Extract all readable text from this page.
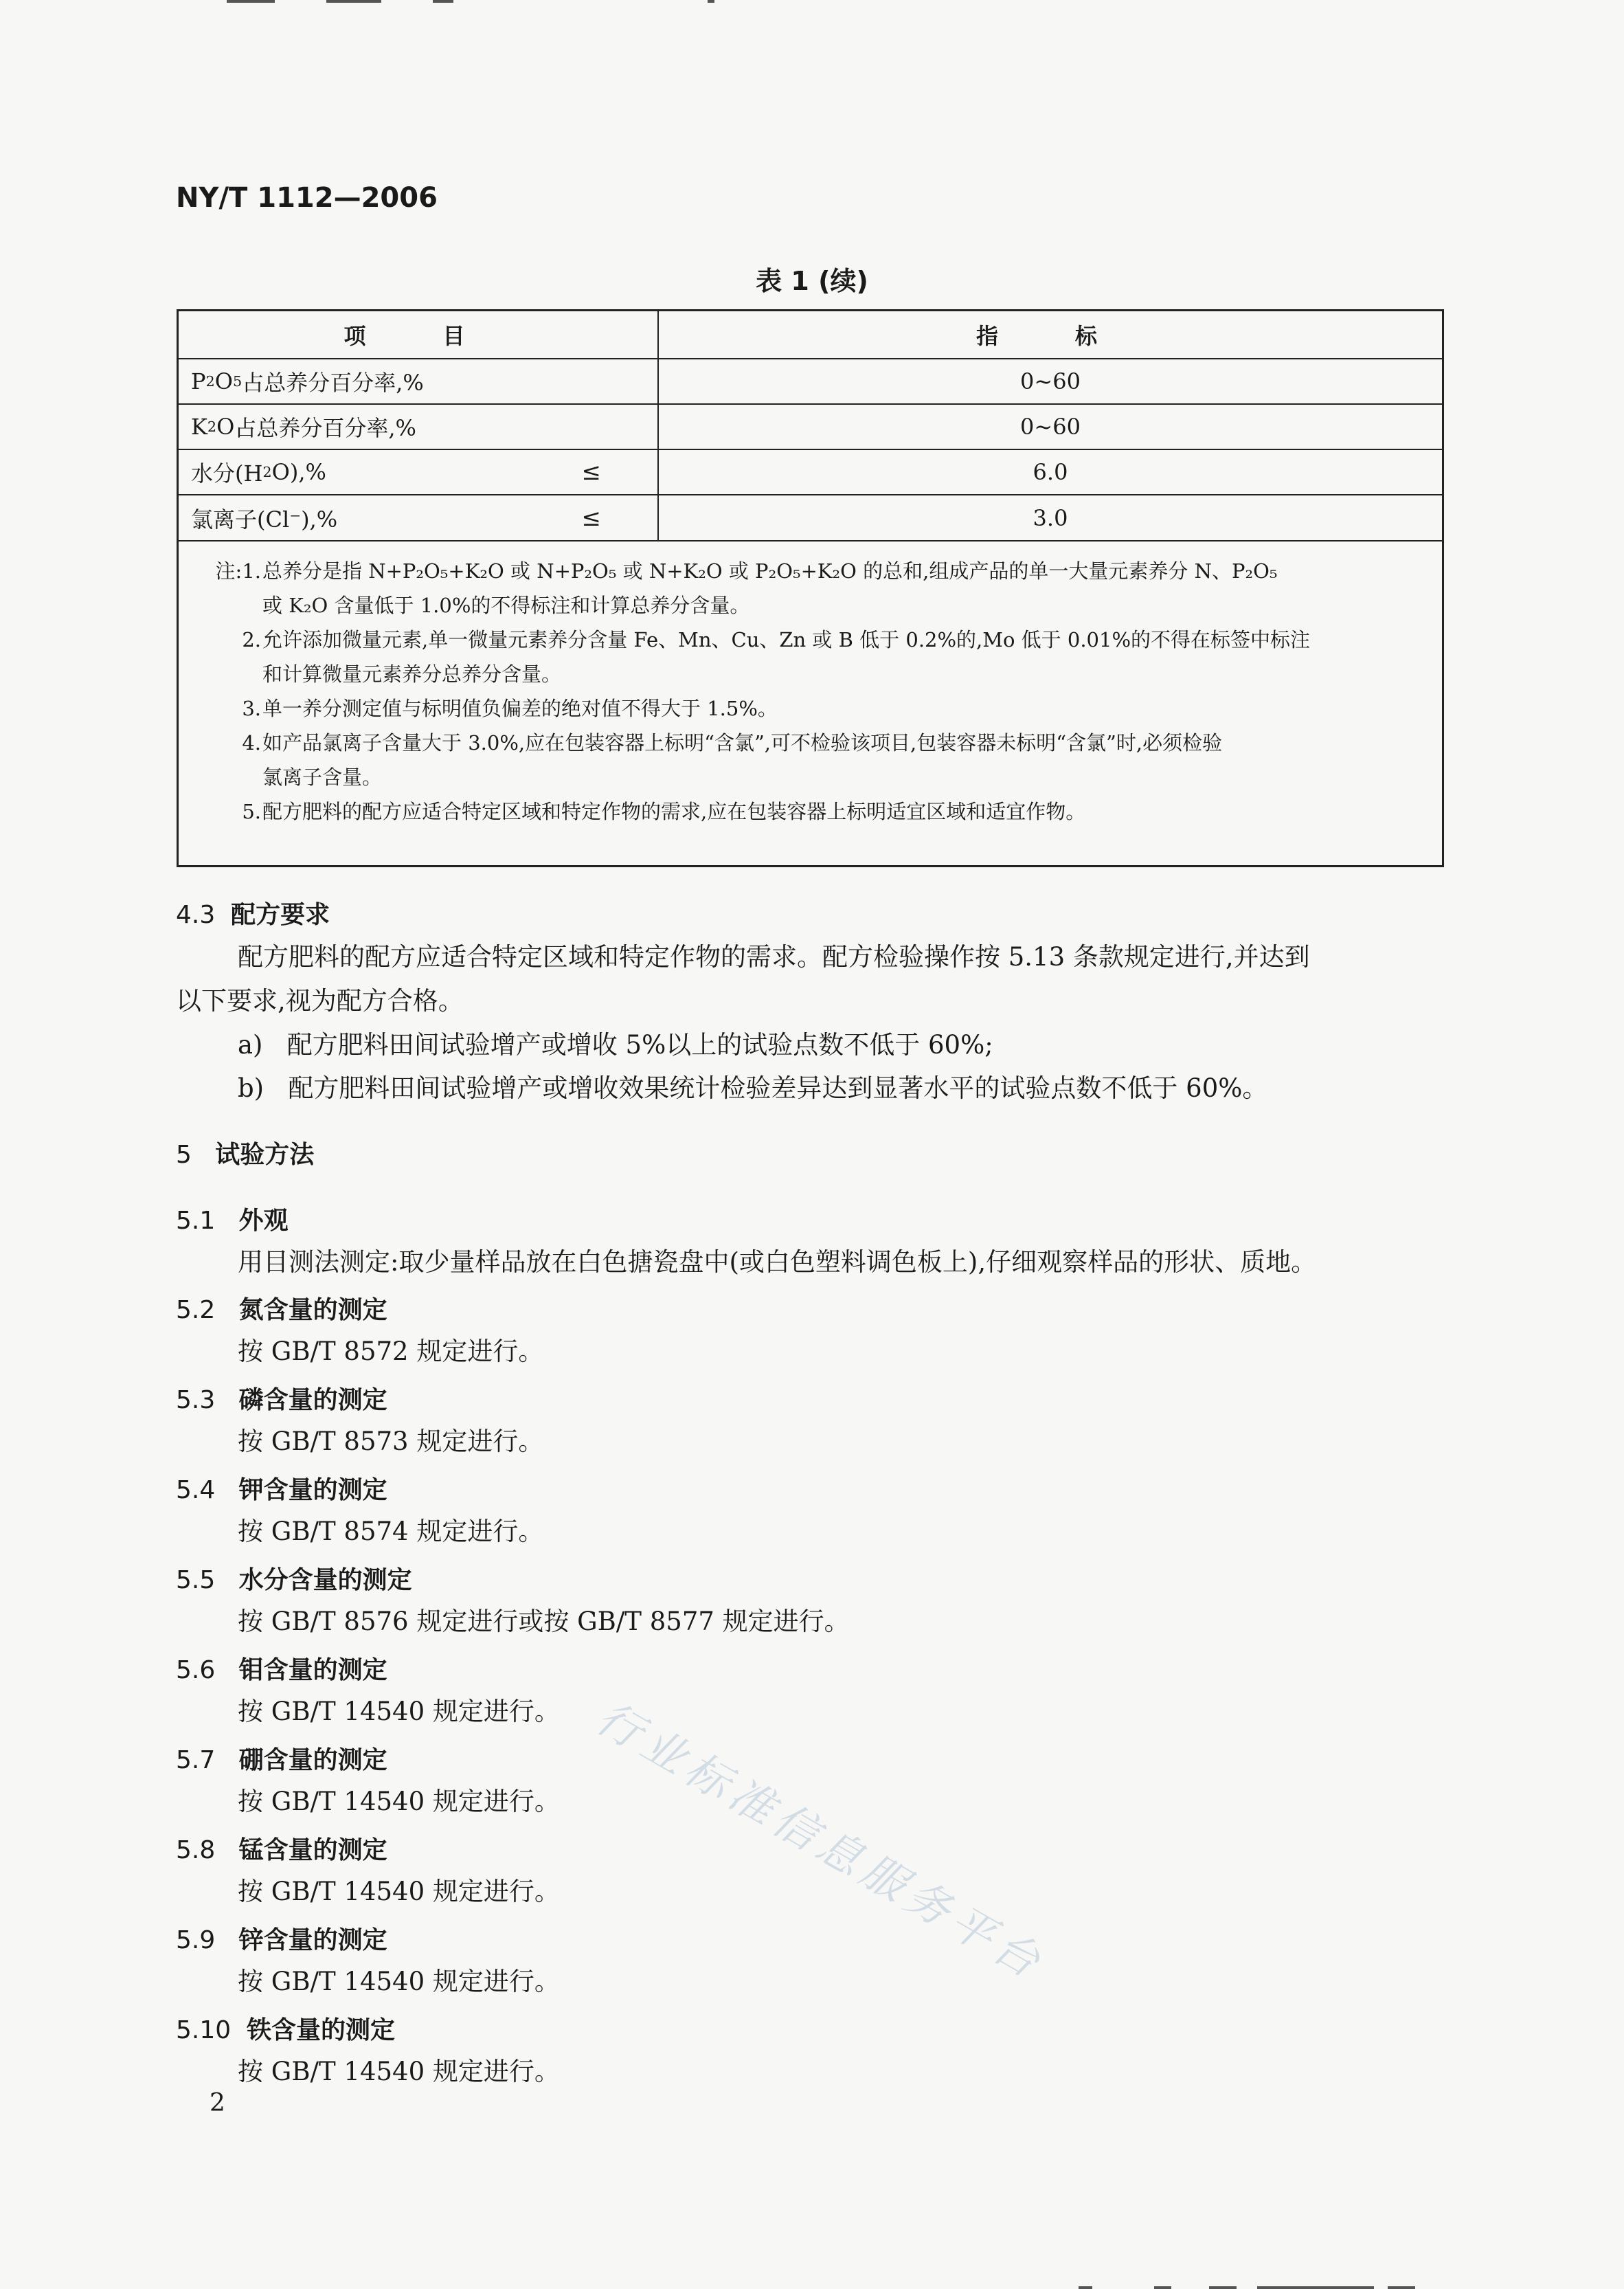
NY/T 1112—2006
表 1 (续)
项　目	指　标
P 2 O 5 占总养分百分率,%	0~60
K 2 O 占总养分百分率,%	0~60
水分(H 2 O),%	≤	6.0
氯离子(Cl⁻),%	≤	3.0
注:1. 总养分是指 N+P₂O₅+K₂O 或 N+P₂O₅ 或 N+K₂O 或 P₂O₅+K₂O 的总和,组成产品的单一大量元素养分 N、P₂O₅
或 K₂O 含量低于 1.0%的不得标注和计算总养分含量。
2. 允许添加微量元素,单一微量元素养分含量 Fe、Mn、Cu、Zn 或 B 低于 0.2%的,Mo 低于 0.01%的不得在标签中标注
和计算微量元素养分总养分含量。
3. 单一养分测定值与标明值负偏差的绝对值不得大于 1.5%。
4. 如产品氯离子含量大于 3.0%,应在包装容器上标明“含氯”,可不检验该项目,包装容器未标明“含氯”时,必须检验
氯离子含量。
5. 配方肥料的配方应适合特定区域和特定作物的需求,应在包装容器上标明适宜区域和适宜作物。
4.3 配方要求
配方肥料的配方应适合特定区域和特定作物的需求。配方检验操作按 5.13 条款规定进行,并达到
以下要求,视为配方合格。
a) 配方肥料田间试验增产或增收 5%以上的试验点数不低于 60%;
b) 配方肥料田间试验增产或增收效果统计检验差异达到显著水平的试验点数不低于 60%。
5 试验方法
5.1 外观
用目测法测定:取少量样品放在白色搪瓷盘中(或白色塑料调色板上),仔细观察样品的形状、质地。
5.2 氮含量的测定
按 GB/T 8572 规定进行。
5.3 磷含量的测定
按 GB/T 8573 规定进行。
5.4 钾含量的测定
按 GB/T 8574 规定进行。
5.5 水分含量的测定
按 GB/T 8576 规定进行或按 GB/T 8577 规定进行。
5.6 钼含量的测定
按 GB/T 14540 规定进行。
5.7 硼含量的测定
按 GB/T 14540 规定进行。
5.8 锰含量的测定
按 GB/T 14540 规定进行。
5.9 锌含量的测定
按 GB/T 14540 规定进行。
5.10 铁含量的测定
按 GB/T 14540 规定进行。
2
行业标准信息服务平台
